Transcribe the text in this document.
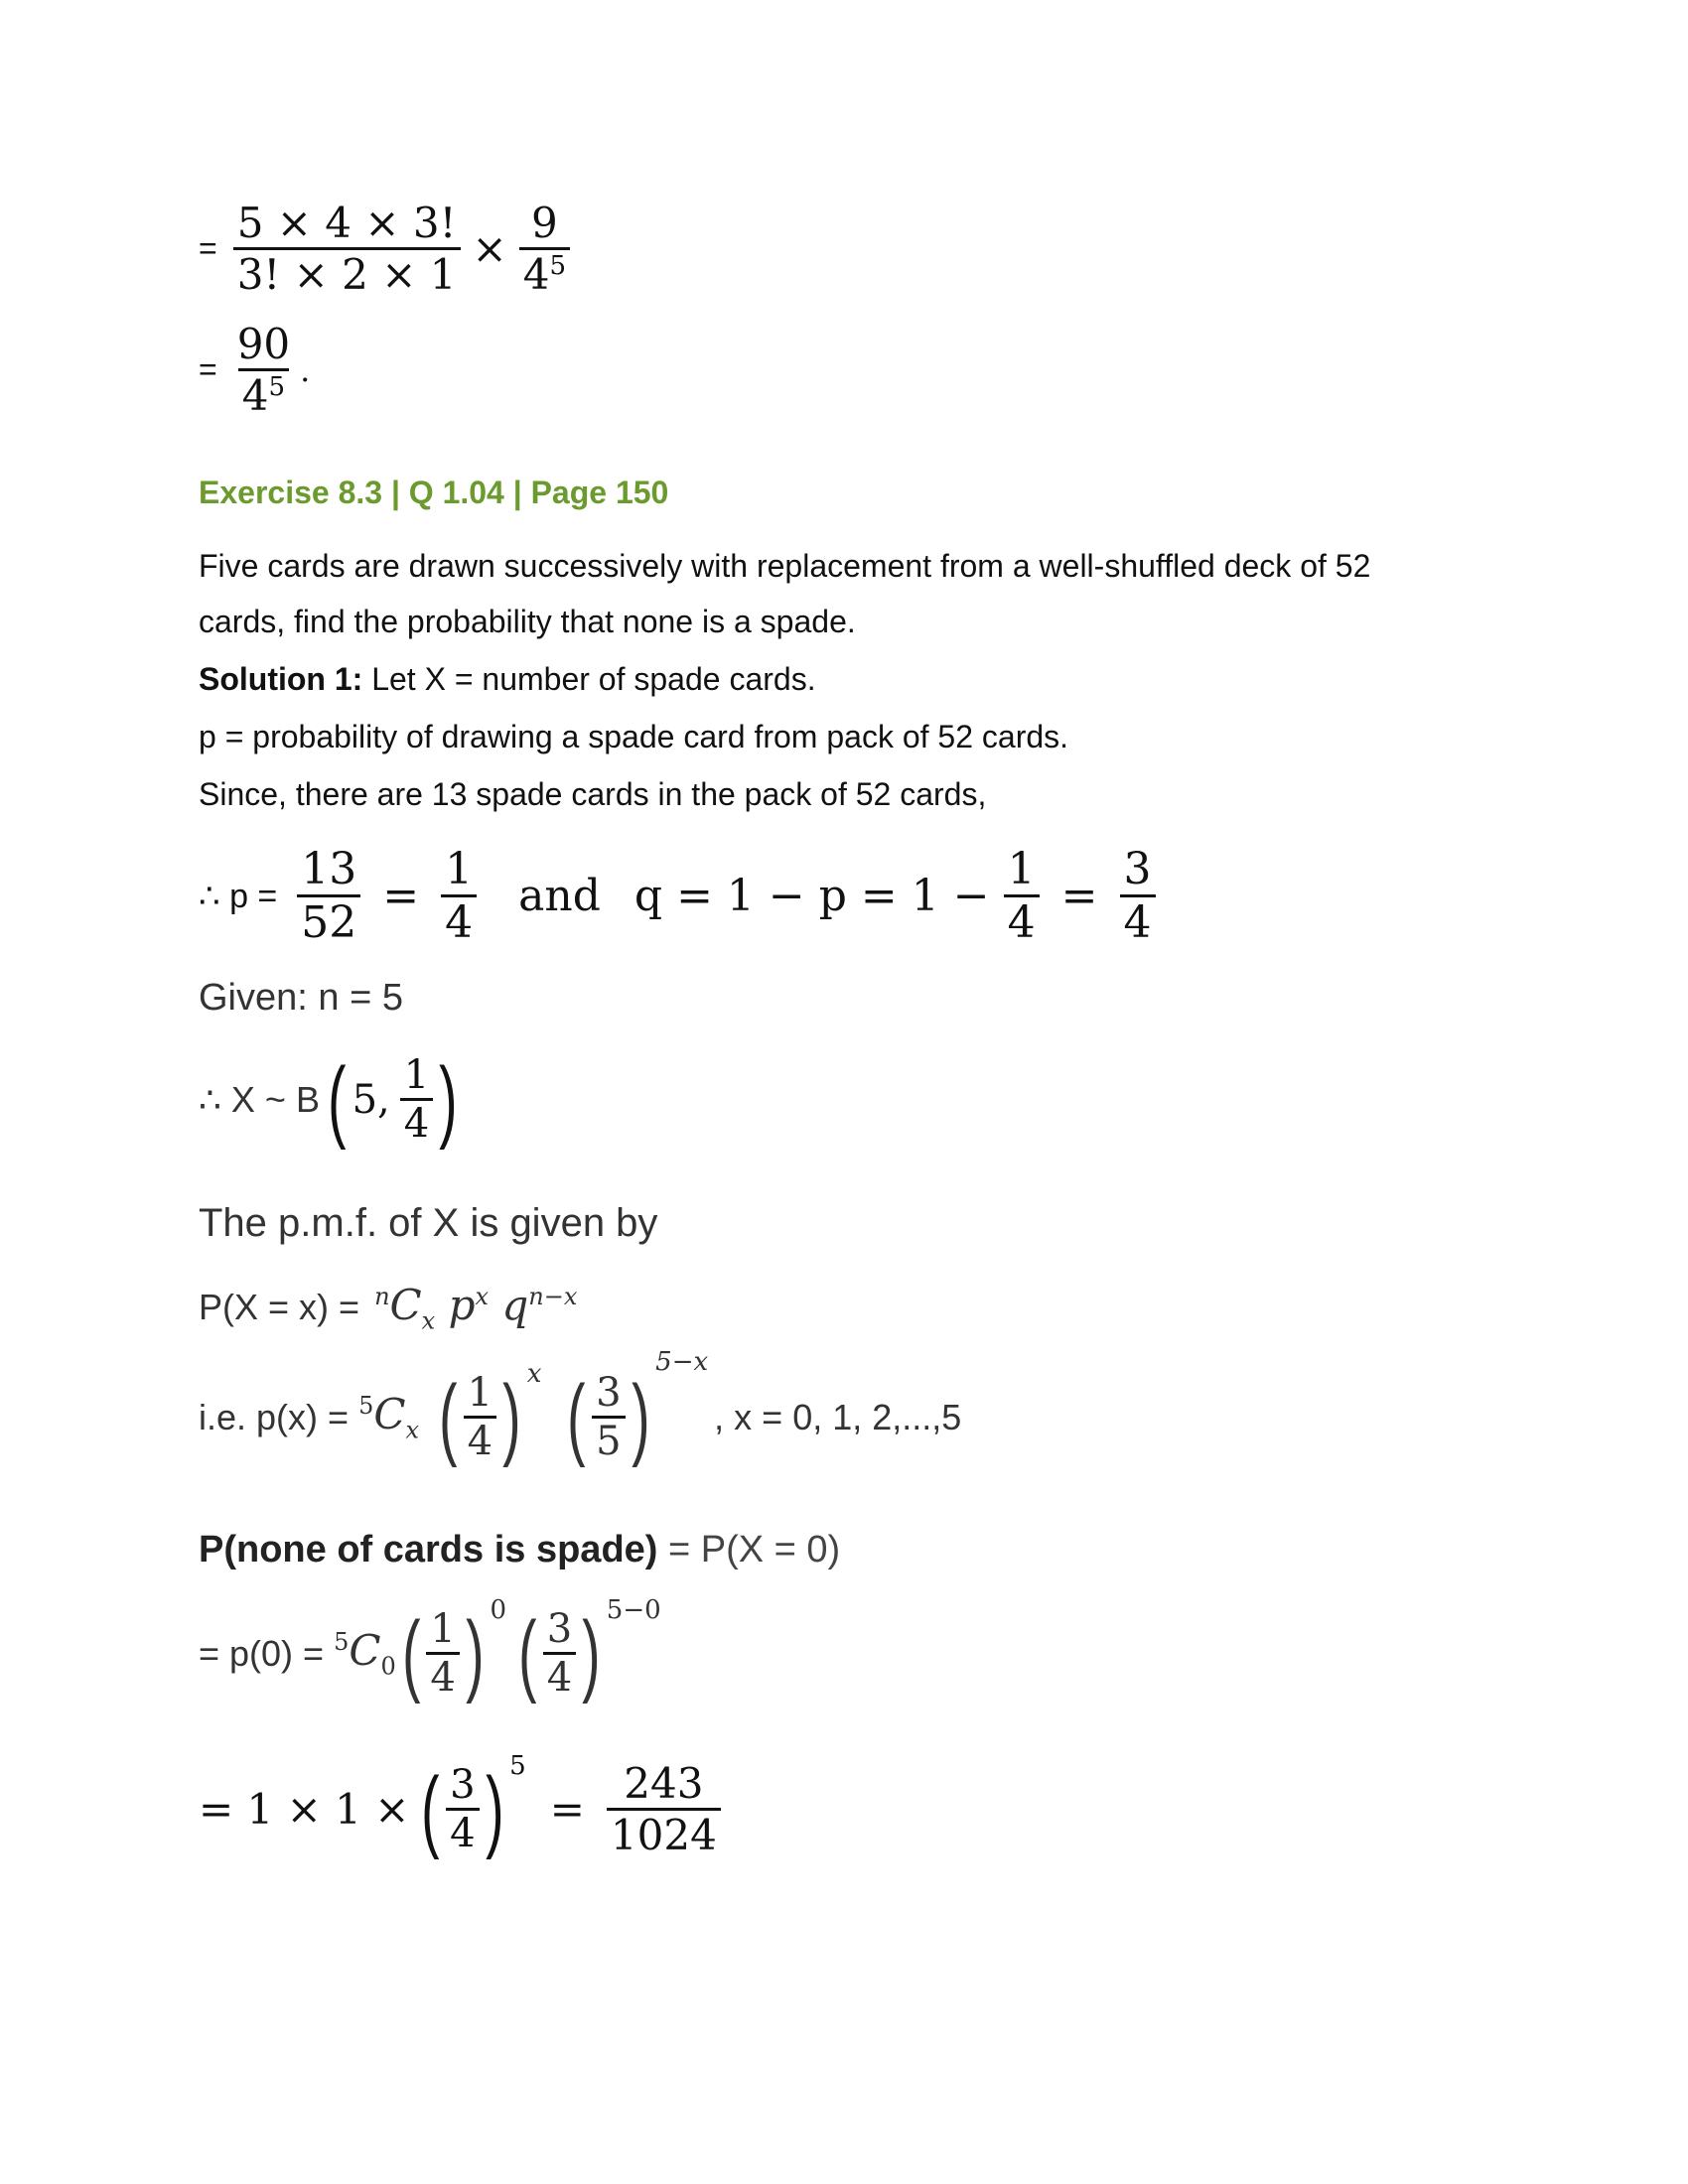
= $\frac{5 \times 4 \times 3!}{3! \times 2 \times 1} \times \frac{9}{4^5}$
= $\frac{90}{4^5}$ .
Exercise 8.3 | Q 1.04 | Page 150
Five cards are drawn successively with replacement from a well-shuffled deck of 52
cards, find the probability that none is a spade.
Solution 1: Let X = number of spade cards.
p = probability of drawing a spade card from pack of 52 cards.
Since, there are 13 spade cards in the pack of 52 cards,
∴ $p = \frac{13}{52} = \frac{1}{4}$ and $q = 1 - p = 1 - \frac{1}{4} = \frac{3}{4}$
Given: n = 5
∴ X ~ B ( 5, $\frac{1}{4}$ )
The p.m.f. of X is given by
$P(X = x) = ^nC_x$ $p^x$ $q^{n-x}$
i.e. $p(x) = ^5C_x$ ( $\frac{1}{4}$ ) x ( $\frac{3}{5}$ )
5−x
, x = 0, 1, 2,...,5
P(none of cards is spade) = P(X = 0)
= $p(0) = ^5C_0$ ( $\frac{1}{4}$ ) 0 ( $\frac{3}{4}$ ) 5−0
= 1 × 1 × ( $\frac{3}{4}$ ) 5
= $\frac{243}{1024}$
